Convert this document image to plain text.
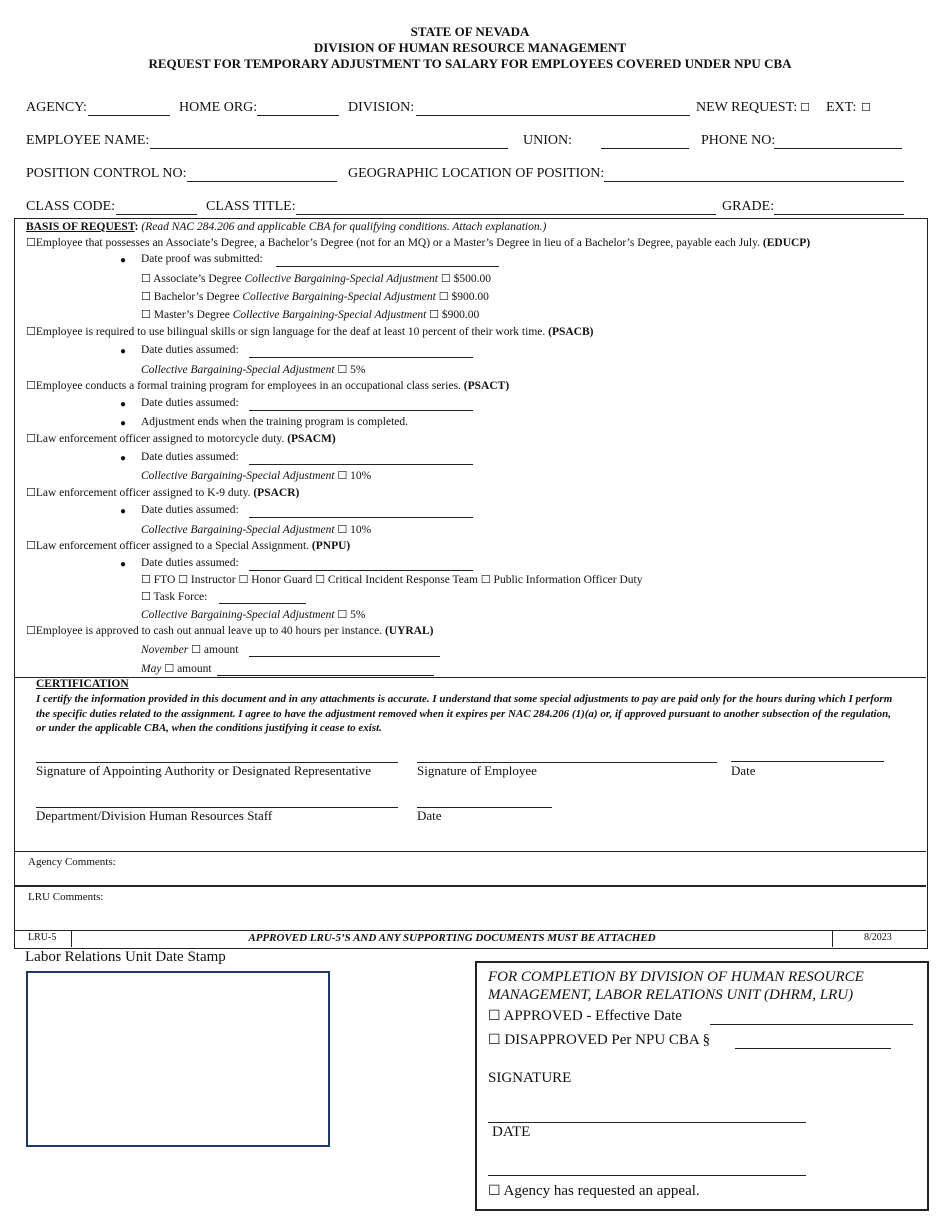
STATE OF NEVADA
DIVISION OF HUMAN RESOURCE MANAGEMENT
REQUEST FOR TEMPORARY ADJUSTMENT TO SALARY FOR EMPLOYEES COVERED UNDER NPU CBA
AGENCY:	HOME ORG:	DIVISION:	NEW REQUEST: ☐ EXT: ☐
EMPLOYEE NAME:	UNION:	PHONE NO:
POSITION CONTROL NO:	GEOGRAPHIC LOCATION OF POSITION:
CLASS CODE:	CLASS TITLE:	GRADE:
BASIS OF REQUEST: (Read NAC 284.206 and applicable CBA for qualifying conditions. Attach explanation.)
☐Employee that possesses an Associate’s Degree, a Bachelor’s Degree (not for an MQ) or a Master’s Degree in lieu of a Bachelor’s Degree, payable each July. (EDUCP)
● Date proof was submitted:
☐ Associate’s Degree Collective Bargaining-Special Adjustment ☐ $500.00
☐ Bachelor’s Degree Collective Bargaining-Special Adjustment ☐ $900.00
☐ Master’s Degree Collective Bargaining-Special Adjustment ☐ $900.00
☐Employee is required to use bilingual skills or sign language for the deaf at least 10 percent of their work time. (PSACB)
● Date duties assumed:
Collective Bargaining-Special Adjustment ☐ 5%
☐Employee conducts a formal training program for employees in an occupational class series. (PSACT)
● Date duties assumed:
● Adjustment ends when the training program is completed.
☐Law enforcement officer assigned to motorcycle duty. (PSACM)
● Date duties assumed:
Collective Bargaining-Special Adjustment ☐ 10%
☐Law enforcement officer assigned to K-9 duty. (PSACR)
● Date duties assumed:
Collective Bargaining-Special Adjustment ☐ 10%
☐Law enforcement officer assigned to a Special Assignment. (PNPU)
● Date duties assumed:
☐ FTO ☐ Instructor ☐ Honor Guard ☐ Critical Incident Response Team ☐ Public Information Officer Duty
☐ Task Force:
Collective Bargaining-Special Adjustment ☐ 5%
☐Employee is approved to cash out annual leave up to 40 hours per instance. (UYRAL)
November ☐ amount
May ☐ amount
CERTIFICATION
I certify the information provided in this document and in any attachments is accurate. I understand that some special adjustments to pay are paid only for the hours during which I perform the specific duties related to the assignment. I agree to have the adjustment removed when it expires per NAC 284.206 (1)(a) or, if approved pursuant to another subsection of the regulation, or under the applicable CBA, when the conditions justifying it cease to exist.
Signature of Appointing Authority or Designated Representative	Signature of Employee	Date
Department/Division Human Resources Staff	Date
Agency Comments:
LRU Comments:
LRU-5	APPROVED LRU-5’S AND ANY SUPPORTING DOCUMENTS MUST BE ATTACHED	8/2023
Labor Relations Unit Date Stamp
FOR COMPLETION BY DIVISION OF HUMAN RESOURCE MANAGEMENT, LABOR RELATIONS UNIT (DHRM, LRU)
☐ APPROVED - Effective Date
☐ DISAPPROVED Per NPU CBA §
SIGNATURE
DATE
☐ Agency has requested an appeal.
